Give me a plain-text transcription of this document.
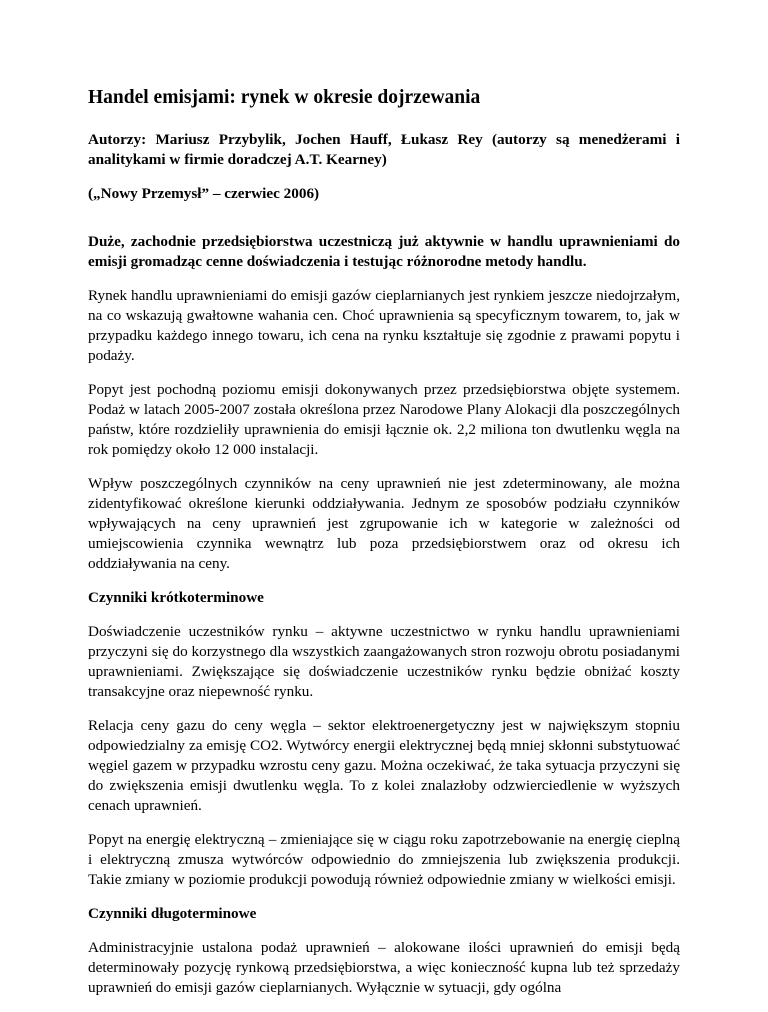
Handel emisjami: rynek w okresie dojrzewania

Autorzy: Mariusz Przybylik, Jochen Hauff, Łukasz Rey (autorzy są menedżerami i analitykami w firmie doradczej A.T. Kearney)

(„Nowy Przemysł” – czerwiec 2006)

Duże, zachodnie przedsiębiorstwa uczestniczą już aktywnie w handlu uprawnieniami do emisji gromadząc cenne doświadczenia i testując różnorodne metody handlu.

Rynek handlu uprawnieniami do emisji gazów cieplarnianych jest rynkiem jeszcze niedojrzałym, na co wskazują gwałtowne wahania cen. Choć uprawnienia są specyficznym towarem, to, jak w przypadku każdego innego towaru, ich cena na rynku kształtuje się zgodnie z prawami popytu i podaży.

Popyt jest pochodną poziomu emisji dokonywanych przez przedsiębiorstwa objęte systemem. Podaż w latach 2005-2007 została określona przez Narodowe Plany Alokacji dla poszczególnych państw, które rozdzieliły uprawnienia do emisji łącznie ok. 2,2 miliona ton dwutlenku węgla na rok pomiędzy około 12 000 instalacji.

Wpływ poszczególnych czynników na ceny uprawnień nie jest zdeterminowany, ale można zidentyfikować określone kierunki oddziaływania. Jednym ze sposobów podziału czynników wpływających na ceny uprawnień jest zgrupowanie ich w kategorie w zależności od umiejscowienia czynnika wewnątrz lub poza przedsiębiorstwem oraz od okresu ich oddziaływania na ceny.

Czynniki krótkoterminowe

Doświadczenie uczestników rynku – aktywne uczestnictwo w rynku handlu uprawnieniami przyczyni się do korzystnego dla wszystkich zaangażowanych stron rozwoju obrotu posiadanymi uprawnieniami. Zwiększające się doświadczenie uczestników rynku będzie obniżać koszty transakcyjne oraz niepewność rynku.

Relacja ceny gazu do ceny węgla – sektor elektroenergetyczny jest w największym stopniu odpowiedzialny za emisję CO2. Wytwórcy energii elektrycznej będą mniej skłonni substytuować węgiel gazem w przypadku wzrostu ceny gazu. Można oczekiwać, że taka sytuacja przyczyni się do zwiększenia emisji dwutlenku węgla. To z kolei znalazłoby odzwierciedlenie w wyższych cenach uprawnień.

Popyt na energię elektryczną – zmieniające się w ciągu roku zapotrzebowanie na energię cieplną i elektryczną zmusza wytwórców odpowiednio do zmniejszenia lub zwiększenia produkcji. Takie zmiany w poziomie produkcji powodują również odpowiednie zmiany w wielkości emisji.

Czynniki długoterminowe

Administracyjnie ustalona podaż uprawnień – alokowane ilości uprawnień do emisji będą determinowały pozycję rynkową przedsiębiorstwa, a więc konieczność kupna lub też sprzedaży uprawnień do emisji gazów cieplarnianych. Wyłącznie w sytuacji, gdy ogólna
